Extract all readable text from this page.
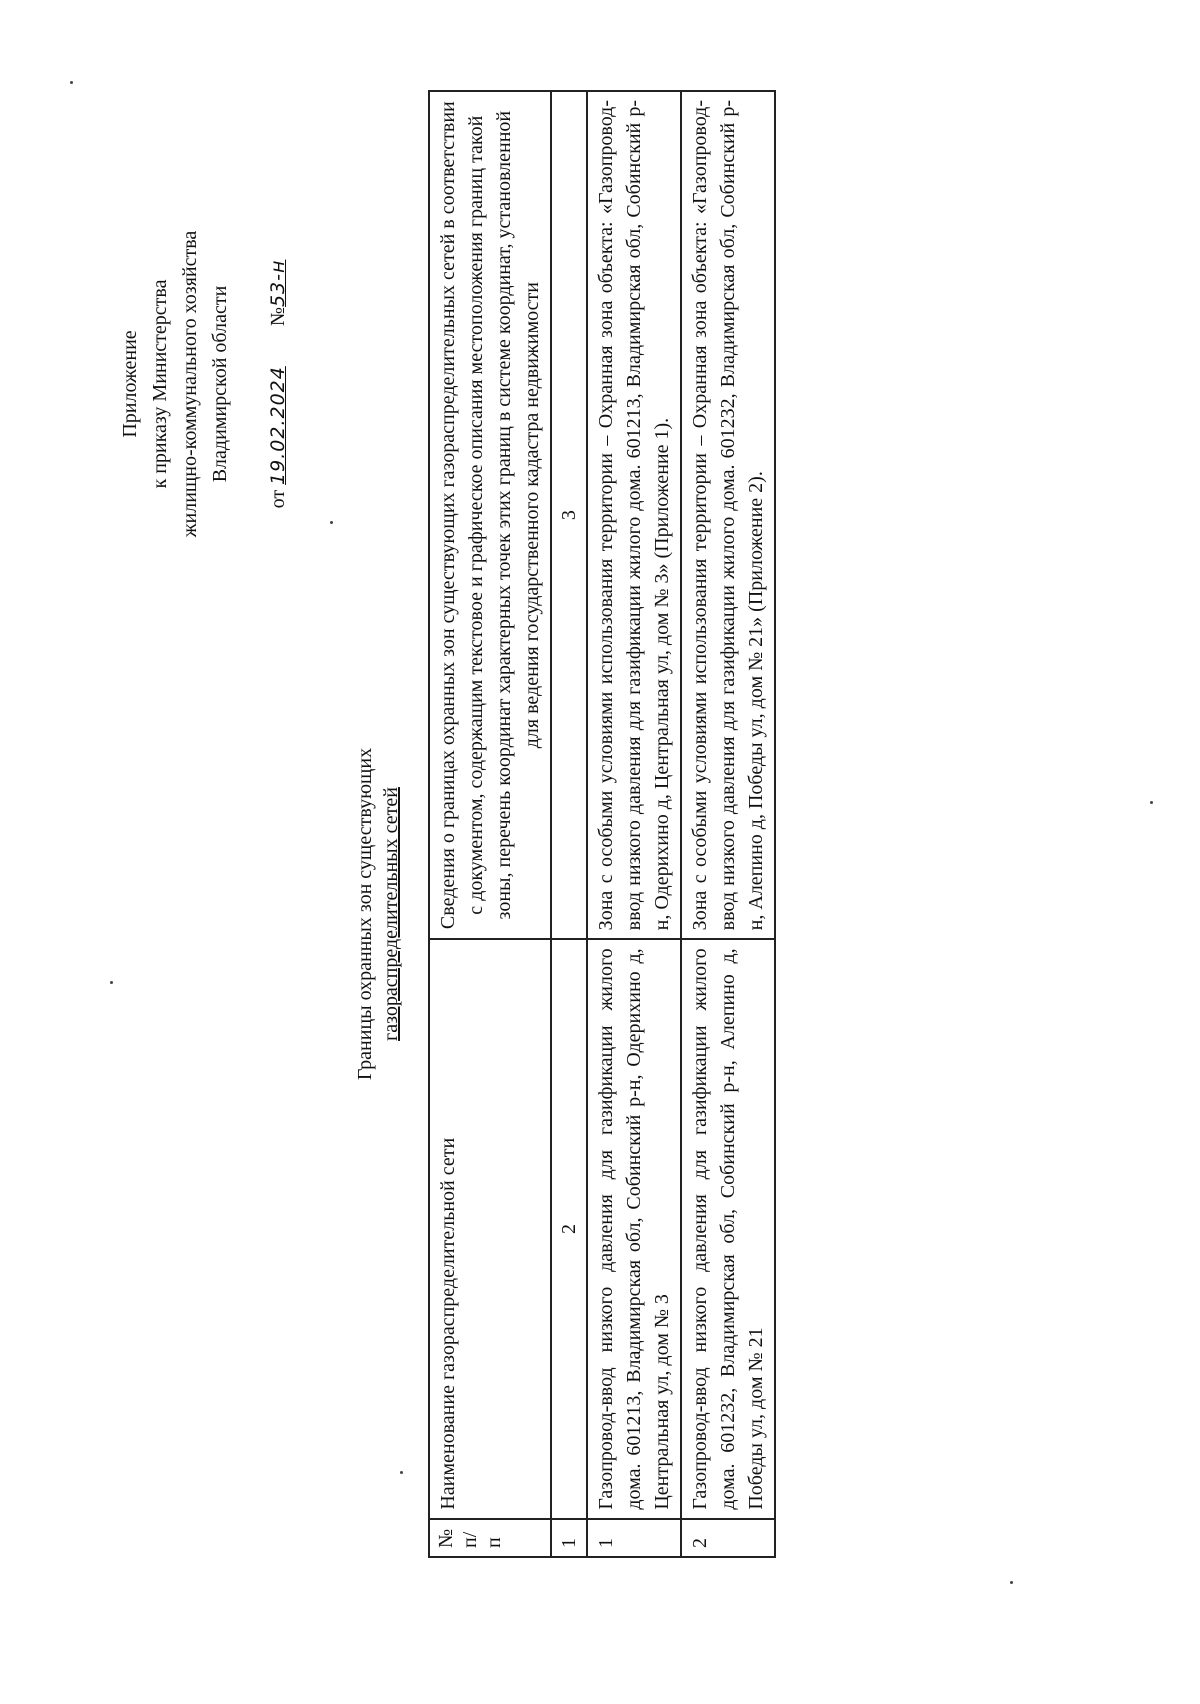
Приложение к приказу Министерства жилищно-коммунального хозяйства Владимирской области
от 19.02.2024        №53-н
Границы охранных зон существующих газораспределительных сетей
№ п/п	Наименование газораспределительной сети	Сведения о границах охранных зон существующих газораспределительных сетей в соответствии с документом, содержащим текстовое и графическое описания местоположения границ такой зоны, перечень координат характерных точек этих границ в системе координат, установленной для ведения государственного кадастра недвижимости
1	2	3
1	Газопровод-ввод низкого давления для газификации жилого дома. 601213, Владимирская обл, Собинский р-н, Одерихино д, Центральная ул, дом № 3	Зона с особыми условиями использования территории – Охранная зона объекта: «Газопровод-ввод низкого давления для газификации жилого дома. 601213, Владимирская обл, Собинский р-н, Одерихино д, Центральная ул, дом № 3» (Приложение 1).
2	Газопровод-ввод низкого давления для газификации жилого дома. 601232, Владимирская обл, Собинский р-н, Алепино д, Победы ул, дом № 21	Зона с особыми условиями использования территории – Охранная зона объекта: «Газопровод-ввод низкого давления для газификации жилого дома. 601232, Владимирская обл, Собинский р-н, Алепино д, Победы ул, дом № 21» (Приложение 2).
